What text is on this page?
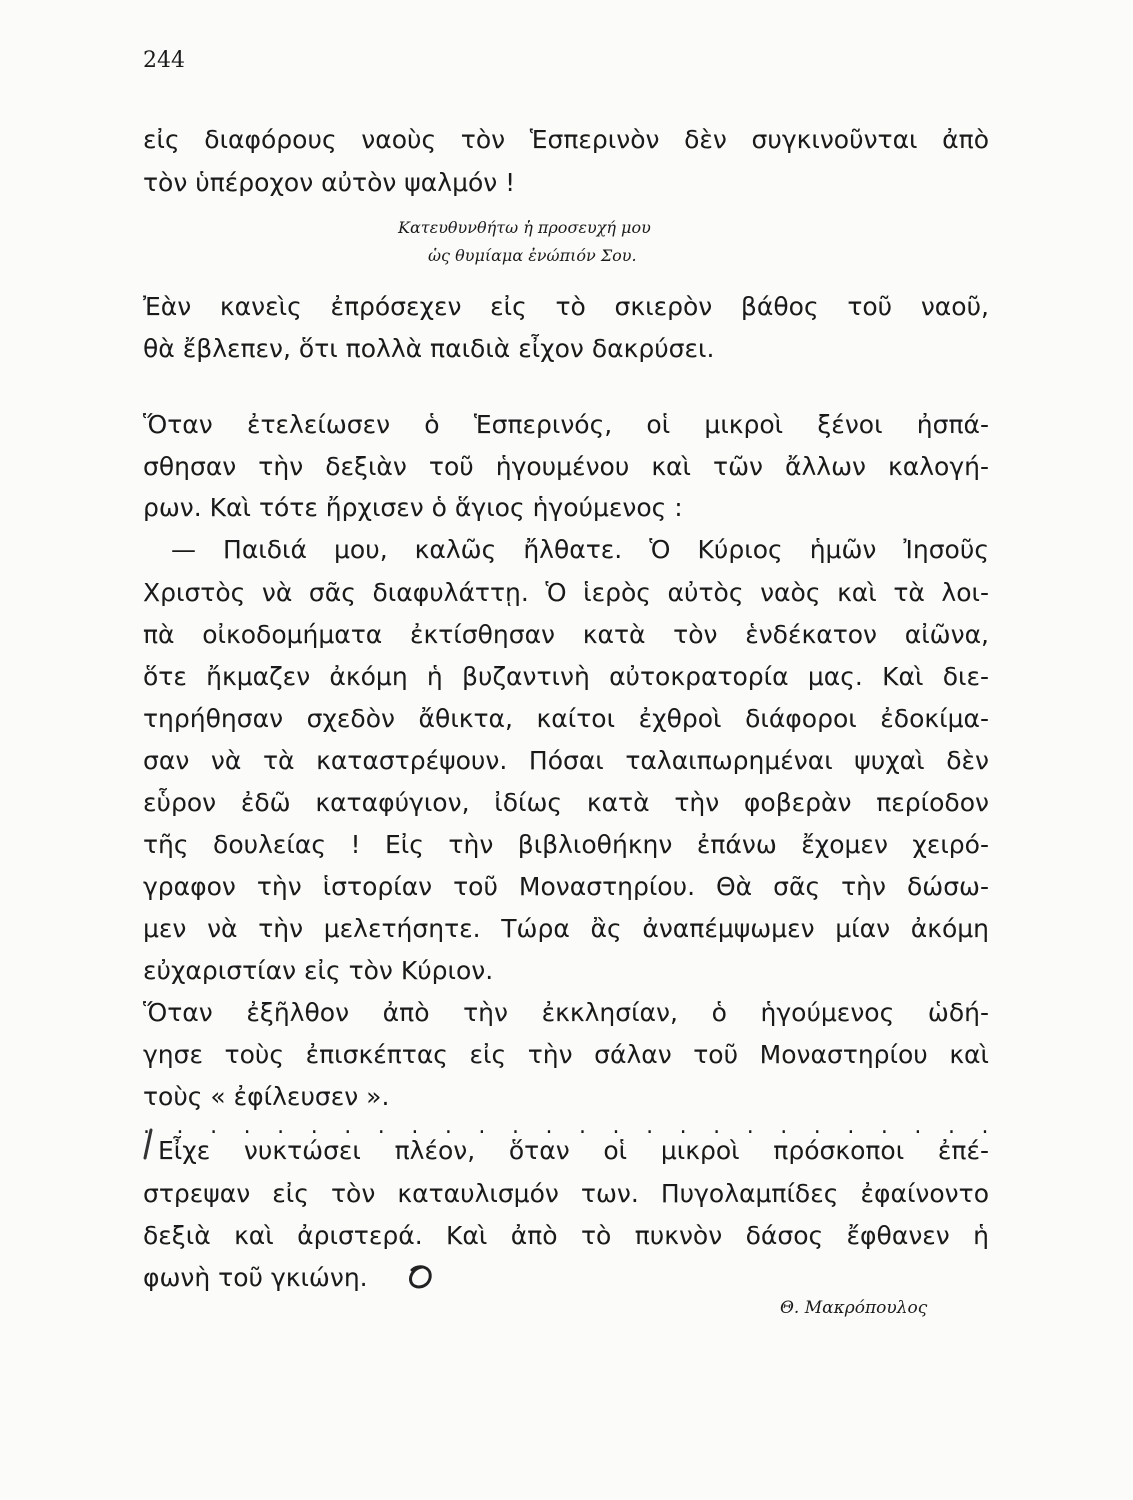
244
εἰς διαφόρους ναοὺς τὸν Ἑσπερινὸν δὲν συγκινοῦνται ἀπὸ
τὸν ὑπέροχον αὐτὸν ψαλμόν !
Κατευθυνθήτω ἡ προσευχή μου
ὡς θυμίαμα ἐνώπιόν Σου.
Ἐὰν κανεὶς ἐπρόσεχεν εἰς τὸ σκιερὸν βάθος τοῦ ναοῦ,
θὰ ἔβλεπεν, ὅτι πολλὰ παιδιὰ εἶχον δακρύσει.
Ὅταν ἐτελείωσεν ὁ Ἑσπερινός, οἱ μικροὶ ξένοι ἠσπά-
σθησαν τὴν δεξιὰν τοῦ ἡγουμένου καὶ τῶν ἄλλων καλογή-
ρων. Καὶ τότε ἤρχισεν ὁ ἅγιος ἡγούμενος :
— Παιδιά μου, καλῶς ἤλθατε. Ὁ Κύριος ἡμῶν Ἰησοῦς
Χριστὸς νὰ σᾶς διαφυλάττῃ. Ὁ ἱερὸς αὐτὸς ναὸς καὶ τὰ λοι-
πὰ οἰκοδομήματα ἐκτίσθησαν κατὰ τὸν ἑνδέκατον αἰῶνα,
ὅτε ἤκμαζεν ἀκόμη ἡ βυζαντινὴ αὐτοκρατορία μας. Καὶ διε-
τηρήθησαν σχεδὸν ἄθικτα, καίτοι ἐχθροὶ διάφοροι ἐδοκίμα-
σαν νὰ τὰ καταστρέψουν. Πόσαι ταλαιπωρημέναι ψυχαὶ δὲν
εὗρον ἐδῶ καταφύγιον, ἰδίως κατὰ τὴν φοβερὰν περίοδον
τῆς δουλείας ! Εἰς τὴν βιβλιοθήκην ἐπάνω ἔχομεν χειρό-
γραφον τὴν ἱστορίαν τοῦ Μοναστηρίου. Θὰ σᾶς τὴν δώσω-
μεν νὰ τὴν μελετήσητε. Τώρα ἂς ἀναπέμψωμεν μίαν ἀκόμη
εὐχαριστίαν εἰς τὸν Κύριον.
Ὅταν ἐξῆλθον ἀπὸ τὴν ἐκκλησίαν, ὁ ἡγούμενος ὡδή-
γησε τοὺς ἐπισκέπτας εἰς τὴν σάλαν τοῦ Μοναστηρίου καὶ
τοὺς « ἐφίλευσεν ».
. . . . . . . . . . . . . . . . . . . . . . . . . .
Εἶχε νυκτώσει πλέον, ὅταν οἱ μικροὶ πρόσκοποι ἐπέ-
στρεψαν εἰς τὸν καταυλισμόν των. Πυγολαμπίδες ἐφαίνοντο
δεξιὰ καὶ ἀριστερά. Καὶ ἀπὸ τὸ πυκνὸν δάσος ἔφθανεν ἡ
φωνὴ τοῦ γκιώνη.
Θ. Μακρόπουλος
